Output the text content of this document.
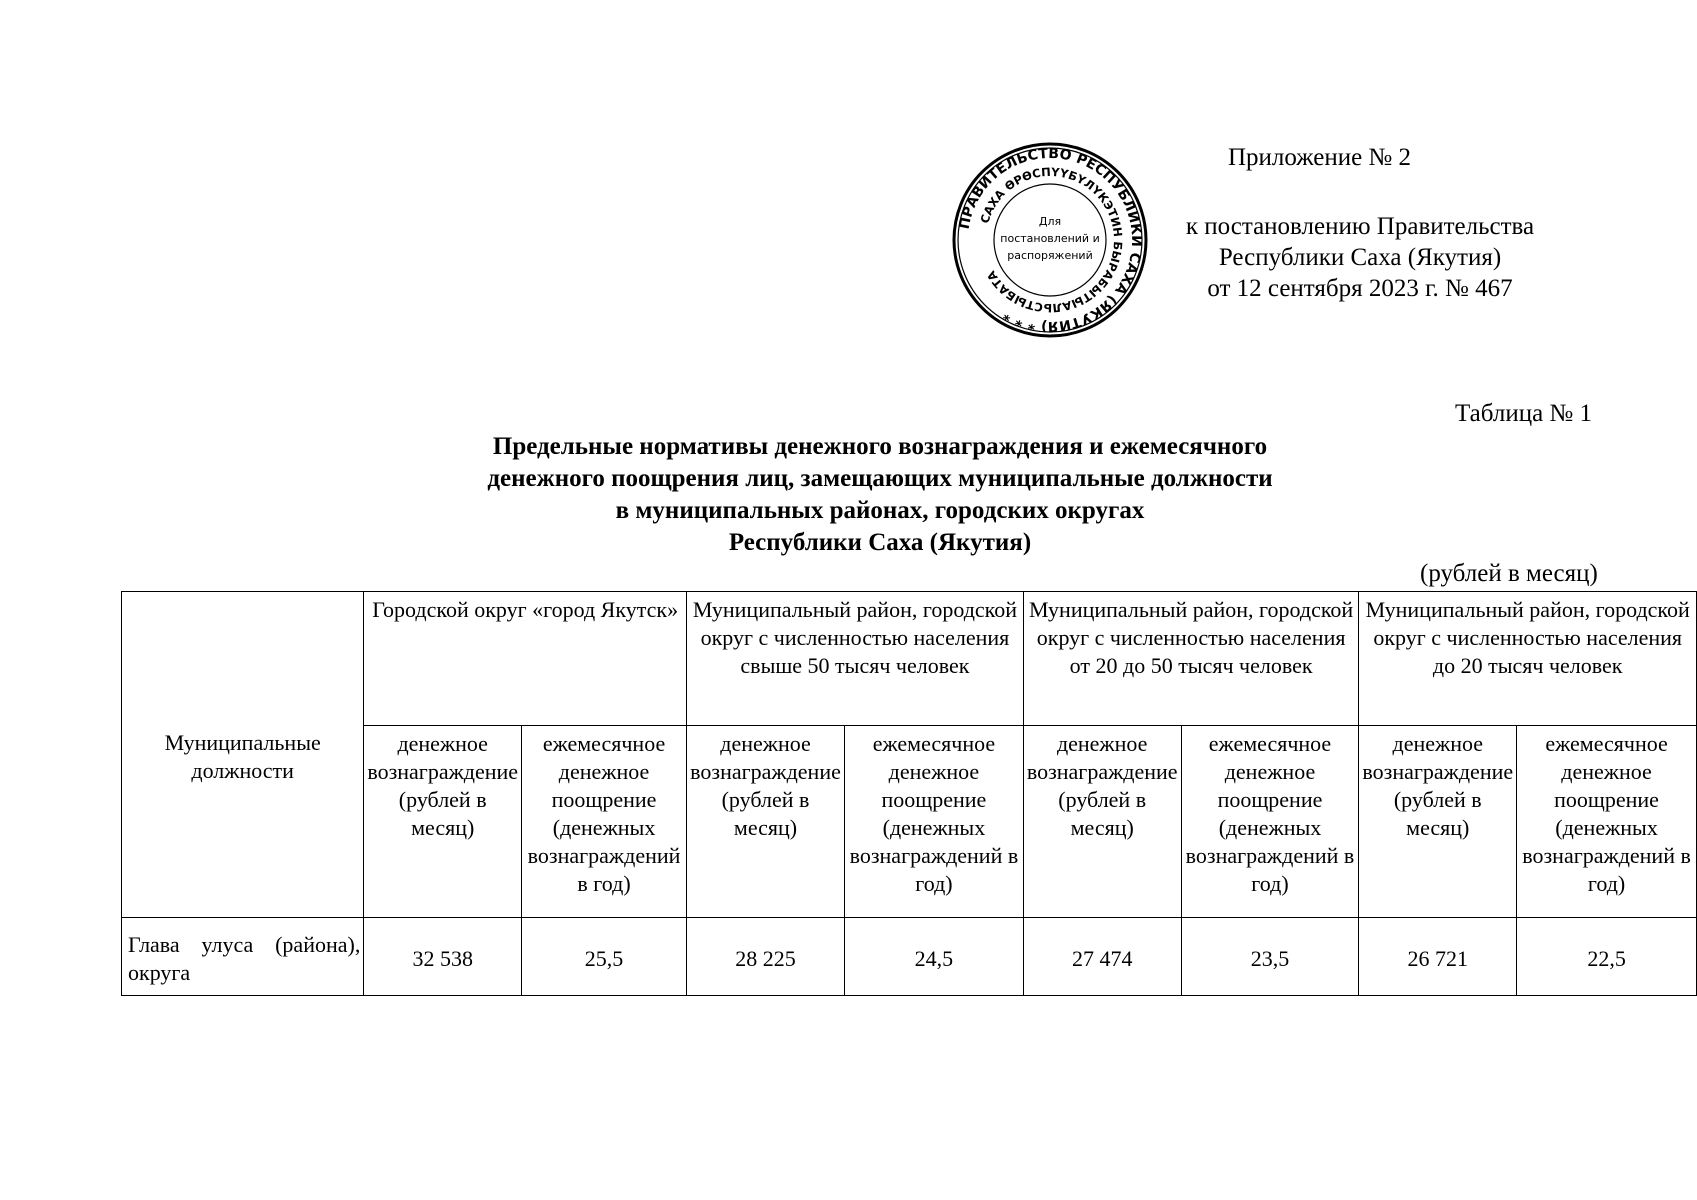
ПРАВИТЕЛЬСТВО РЕСПУБЛИКИ САХА (ЯКУТИЯ) * * *
САХА ӨРӨСПҮҮБҮЛҮКЭТИН БЫРАБЫТЫАЛЬСТЫБАТА
Для
постановлений и
распоряжений
Приложение № 2
к постановлению Правительства
Республики Саха (Якутия)
от 12 сентября 2023 г. № 467
Таблица № 1
Предельные нормативы денежного вознаграждения и ежемесячного
денежного поощрения лиц, замещающих муниципальные должности
в муниципальных районах, городских округах
Республики Саха (Якутия)
(рублей в месяц)
Муниципальные должности	Городской округ «город Якутск»		Муниципальный район, городской округ с численностью населения свыше 50 тысяч человек		Муниципальный район, городской округ с численностью населения от 20 до 50 тысяч человек		Муниципальный район, городской округ с численностью населения до 20 тысяч человек	
	денежное вознаграждение (рублей в месяц)	ежемесячное денежное поощрение (денежных вознаграждений в год)	денежное вознаграждение (рублей в месяц)	ежемесячное денежное поощрение (денежных вознаграждений в год)	денежное вознаграждение (рублей в месяц)	ежемесячное денежное поощрение (денежных вознаграждений в год)	денежное вознаграждение (рублей в месяц)	ежемесячное денежное поощрение (денежных вознаграждений в год)

Глава улуса (района), округа	32 538	25,5	28 225	24,5	27 474	23,5	26 721	22,5
